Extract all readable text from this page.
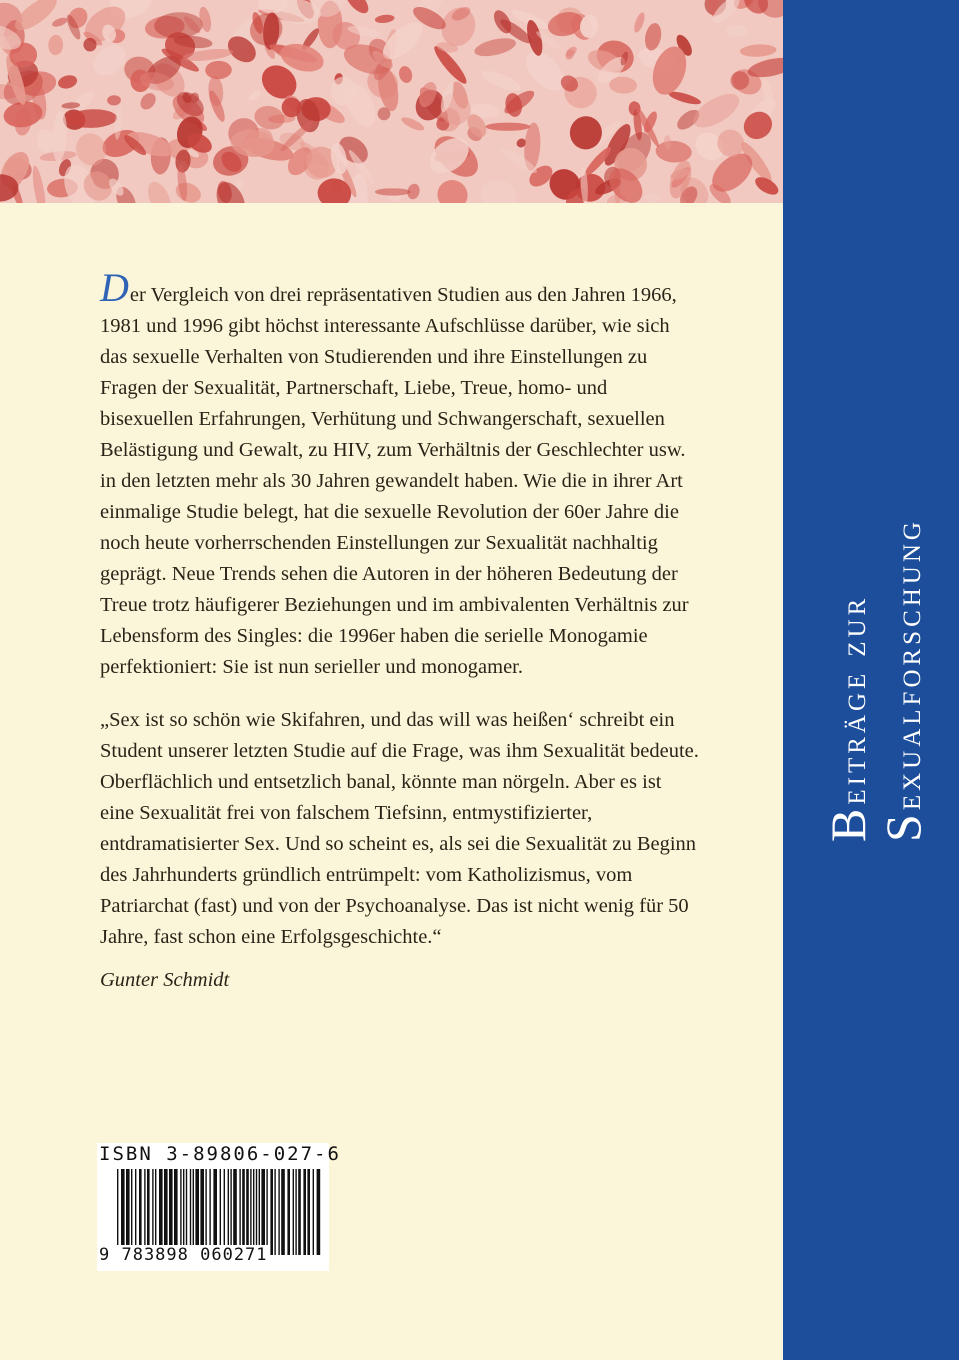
Der Vergleich von drei repräsentativen Studien aus den Jahren 1966, 1981 und 1996 gibt höchst interessante Aufschlüsse darüber, wie sich das sexuelle Verhalten von Studierenden und ihre Einstellungen zu Fragen der Sexualität, Partnerschaft, Liebe, Treue, homo- und bisexuellen Erfahrungen, Verhütung und Schwangerschaft, sexuellen Belästigung und Gewalt, zu HIV, zum Verhältnis der Geschlechter usw. in den letzten mehr als 30 Jahren gewandelt haben. Wie die in ihrer Art einmalige Studie belegt, hat die sexuelle Revolution der 60er Jahre die noch heute vorherrschenden Einstellungen zur Sexualität nachhaltig geprägt. Neue Trends sehen die Autoren in der höheren Bedeutung der Treue trotz häufigerer Beziehungen und im ambivalenten Verhältnis zur Lebensform des Singles: die 1996er haben die serielle Monogamie perfektioniert: Sie ist nun serieller und monogamer.

„Sex ist so schön wie Skifahren, und das will was heißen‘ schreibt ein Student unserer letzten Studie auf die Frage, was ihm Sexualität bedeute. Oberflächlich und entsetzlich banal, könnte man nörgeln. Aber es ist eine Sexualität frei von falschem Tiefsinn, entmystifizierter, entdramatisierter Sex. Und so scheint es, als sei die Sexualität zu Beginn des Jahrhunderts gründlich entrümpelt: vom Katholizismus, vom Patriarchat (fast) und von der Psychoanalyse. Das ist nicht wenig für 50 Jahre, fast schon eine Erfolgsgeschichte.“

Gunter Schmidt

ISBN 3-89806-027-6
9 783898 060271
Beiträge zur
Sexualforschung
